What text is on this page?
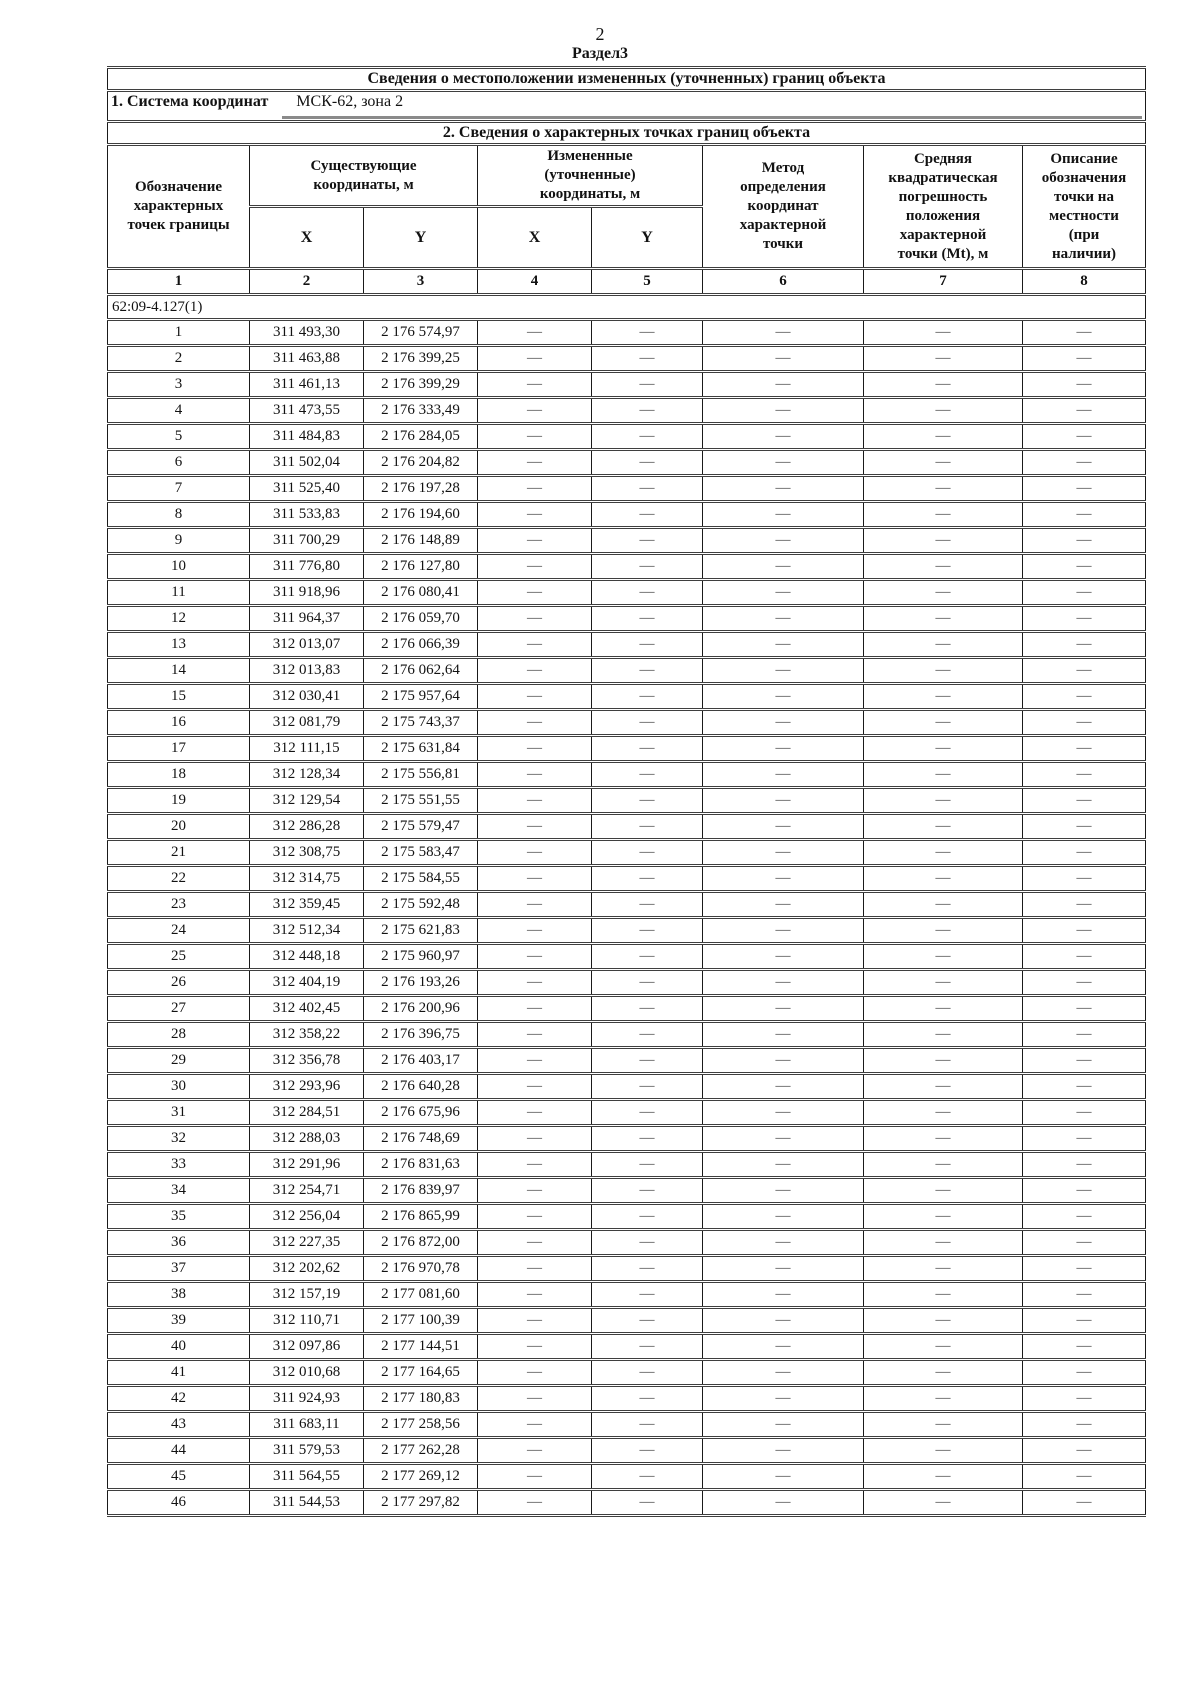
2
Раздел3
Сведения о местоположении измененных (уточненных) границ объекта							

1. Система координат МСК-62, зона 2							

2. Сведения о характерных точках границ объекта							

Обозначение характерных точек границы	Существующие координаты, м		Измененные (уточненные) координаты, м		Метод определения координат характерной точки	Средняя квадратическая погрешность положения характерной точки (Mt), м	Описание обозначения точки на местности (при наличии)

	X	Y	X	Y			
1	2	3	4	5	6	7	8
62:09-4.127(1)							
1	311 493,30	2 176 574,97	—	—	—	—	—
2	311 463,88	2 176 399,25	—	—	—	—	—
3	311 461,13	2 176 399,29	—	—	—	—	—
4	311 473,55	2 176 333,49	—	—	—	—	—
5	311 484,83	2 176 284,05	—	—	—	—	—
6	311 502,04	2 176 204,82	—	—	—	—	—
7	311 525,40	2 176 197,28	—	—	—	—	—
8	311 533,83	2 176 194,60	—	—	—	—	—
9	311 700,29	2 176 148,89	—	—	—	—	—
10	311 776,80	2 176 127,80	—	—	—	—	—
11	311 918,96	2 176 080,41	—	—	—	—	—
12	311 964,37	2 176 059,70	—	—	—	—	—
13	312 013,07	2 176 066,39	—	—	—	—	—
14	312 013,83	2 176 062,64	—	—	—	—	—
15	312 030,41	2 175 957,64	—	—	—	—	—
16	312 081,79	2 175 743,37	—	—	—	—	—
17	312 111,15	2 175 631,84	—	—	—	—	—
18	312 128,34	2 175 556,81	—	—	—	—	—
19	312 129,54	2 175 551,55	—	—	—	—	—
20	312 286,28	2 175 579,47	—	—	—	—	—
21	312 308,75	2 175 583,47	—	—	—	—	—
22	312 314,75	2 175 584,55	—	—	—	—	—
23	312 359,45	2 175 592,48	—	—	—	—	—
24	312 512,34	2 175 621,83	—	—	—	—	—
25	312 448,18	2 175 960,97	—	—	—	—	—
26	312 404,19	2 176 193,26	—	—	—	—	—
27	312 402,45	2 176 200,96	—	—	—	—	—
28	312 358,22	2 176 396,75	—	—	—	—	—
29	312 356,78	2 176 403,17	—	—	—	—	—
30	312 293,96	2 176 640,28	—	—	—	—	—
31	312 284,51	2 176 675,96	—	—	—	—	—
32	312 288,03	2 176 748,69	—	—	—	—	—
33	312 291,96	2 176 831,63	—	—	—	—	—
34	312 254,71	2 176 839,97	—	—	—	—	—
35	312 256,04	2 176 865,99	—	—	—	—	—
36	312 227,35	2 176 872,00	—	—	—	—	—
37	312 202,62	2 176 970,78	—	—	—	—	—
38	312 157,19	2 177 081,60	—	—	—	—	—
39	312 110,71	2 177 100,39	—	—	—	—	—
40	312 097,86	2 177 144,51	—	—	—	—	—
41	312 010,68	2 177 164,65	—	—	—	—	—
42	311 924,93	2 177 180,83	—	—	—	—	—
43	311 683,11	2 177 258,56	—	—	—	—	—
44	311 579,53	2 177 262,28	—	—	—	—	—
45	311 564,55	2 177 269,12	—	—	—	—	—
46	311 544,53	2 177 297,82	—	—	—	—	—
